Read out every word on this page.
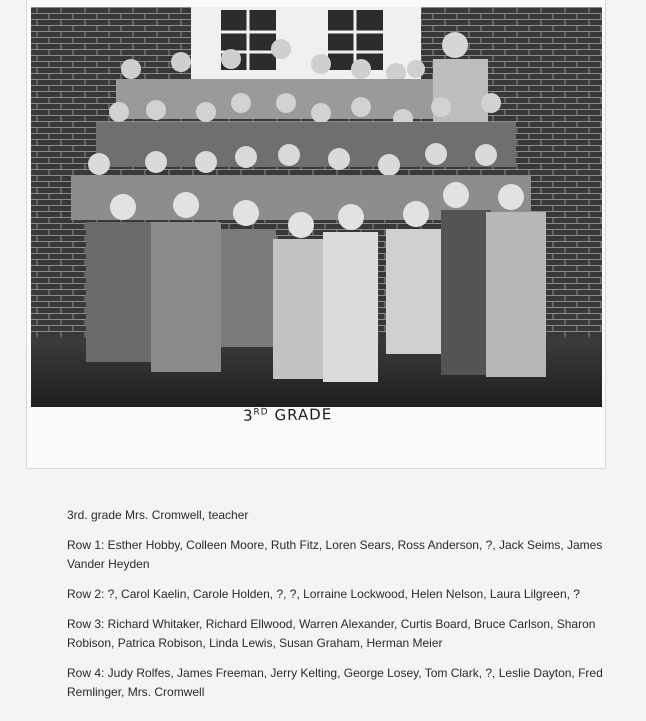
3RD GRADE

3rd. grade Mrs. Cromwell, teacher

Row 1: Esther Hobby, Colleen Moore, Ruth Fitz, Loren Sears, Ross Anderson, ?, Jack Seims, James Vander Heyden

Row 2: ?, Carol Kaelin, Carole Holden, ?, ?, Lorraine Lockwood, Helen Nelson, Laura Lilgreen, ?

Row 3: Richard Whitaker, Richard Ellwood, Warren Alexander, Curtis Board, Bruce Carlson, Sharon Robison, Patrica Robison, Linda Lewis, Susan Graham, Herman Meier

Row 4: Judy Rolfes, James Freeman, Jerry Kelting, George Losey, Tom Clark, ?, Leslie Dayton, Fred Remlinger, Mrs. Cromwell
